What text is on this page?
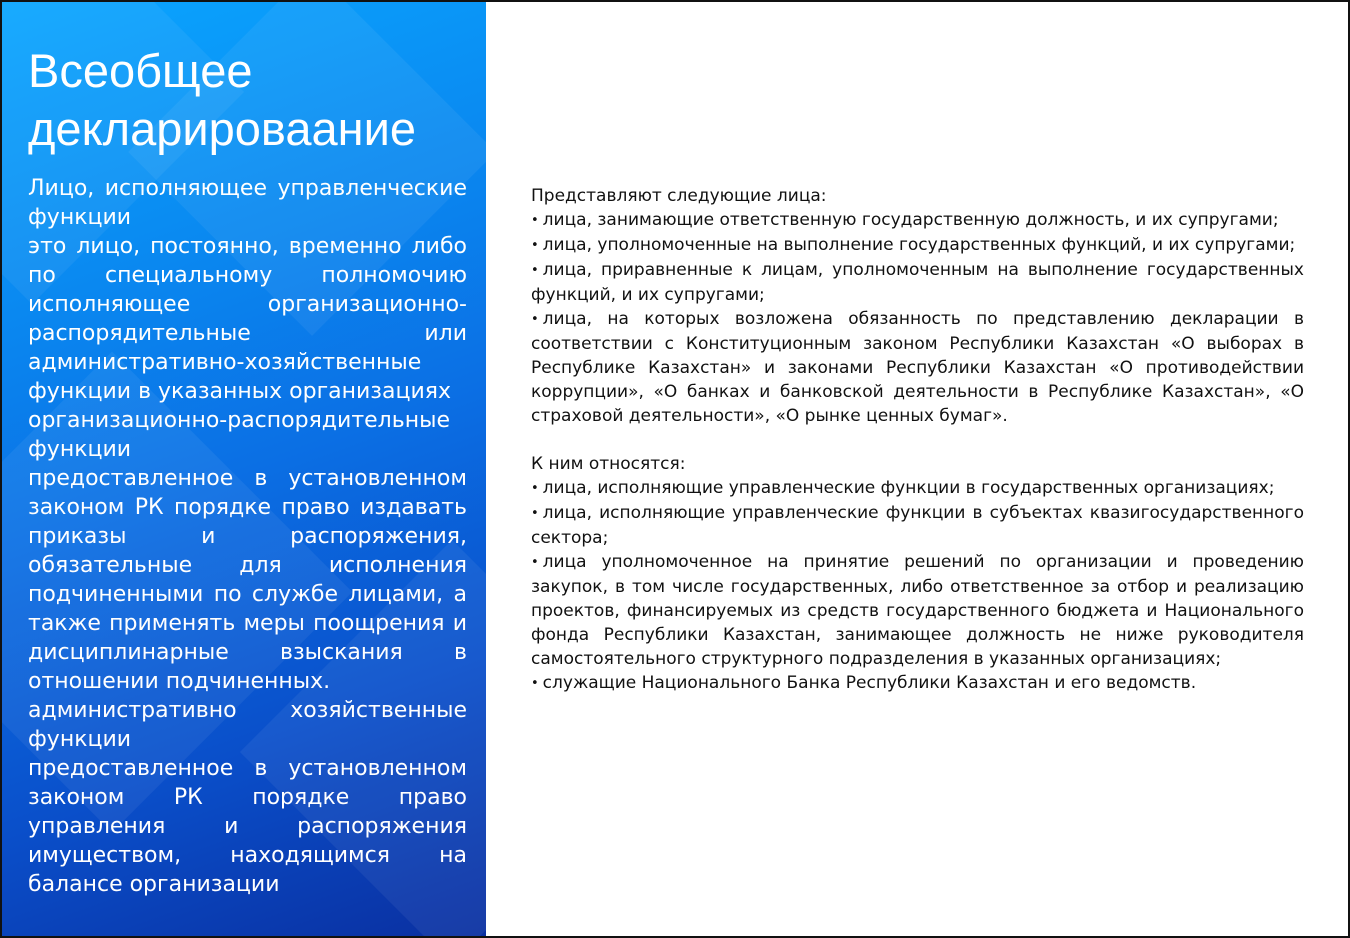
Всеобщее
декларироваание

Лицо, исполняющее управленческие функции

это лицо, постоянно, временно либо по специальному полномочию исполняющее организационно-распорядительные или административно-хозяйственные функции в указанных организациях

организационно-распорядительные функции

предоставленное в установленном законом РК порядке право издавать приказы и распоряжения, обязательные для исполнения подчиненными по службе лицами, а также применять меры поощрения и дисциплинарные взыскания в отношении подчиненных.

административно хозяйственные функции

предоставленное в установленном законом РК порядке право управления и распоряжения имуществом, находящимся на балансе организации

Представляют следующие лица:

• лица, занимающие ответственную государственную должность, и их супругами;

• лица, уполномоченные на выполнение государственных функций, и их супругами;

• лица, приравненные к лицам, уполномоченным на выполнение государственных функций, и их супругами;

• лица, на которых возложена обязанность по представлению декларации в соответствии с Конституционным законом Республики Казахстан «О выборах в Республике Казахстан» и законами Республики Казахстан «О противодействии коррупции», «О банках и банковской деятельности в Республике Казахстан», «О страховой деятельности», «О рынке ценных бумаг».

К ним относятся:

• лица, исполняющие управленческие функции в государственных организациях;

• лица, исполняющие управленческие функции в субъектах квазигосударственного сектора;

• лица уполномоченное на принятие решений по организации и проведению закупок, в том числе государственных, либо ответственное за отбор и реализацию проектов, финансируемых из средств государственного бюджета и Национального фонда Республики Казахстан, занимающее должность не ниже руководителя самостоятельного структурного подразделения в указанных организациях;

• служащие Национального Банка Республики Казахстан и его ведомств.
